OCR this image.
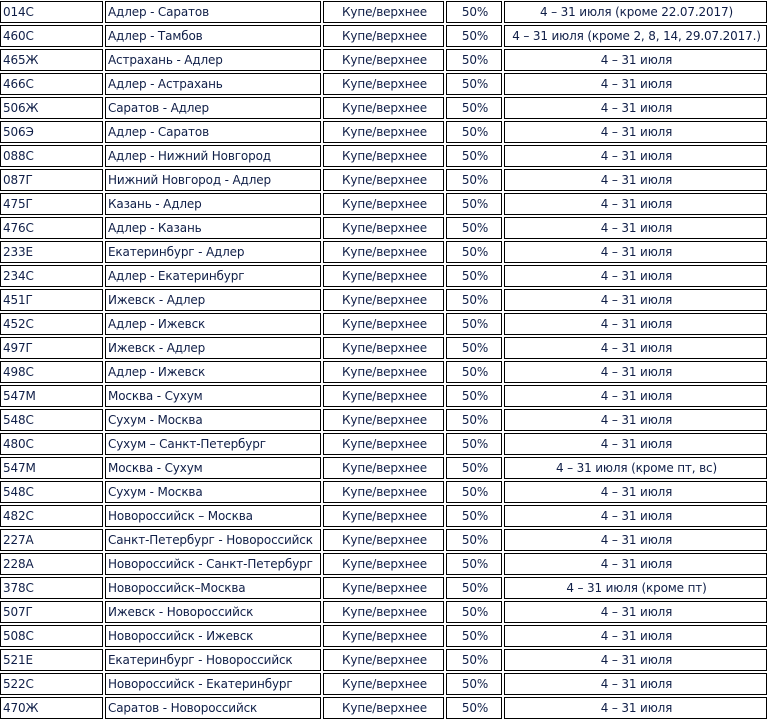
014С	Адлер - Саратов	Купе/верхнее	50%	4 – 31 июля (кроме 22.07.2017)
460С	Адлер - Тамбов	Купе/верхнее	50%	4 – 31 июля (кроме 2, 8, 14, 29.07.2017.)
465Ж	Астрахань - Адлер	Купе/верхнее	50%	4 – 31 июля
466С	Адлер - Астрахань	Купе/верхнее	50%	4 – 31 июля
506Ж	Саратов - Адлер	Купе/верхнее	50%	4 – 31 июля
506Э	Адлер - Саратов	Купе/верхнее	50%	4 – 31 июля
088С	Адлер - Нижний Новгород	Купе/верхнее	50%	4 – 31 июля
087Г	Нижний Новгород - Адлер	Купе/верхнее	50%	4 – 31 июля
475Г	Казань - Адлер	Купе/верхнее	50%	4 – 31 июля
476С	Адлер - Казань	Купе/верхнее	50%	4 – 31 июля
233Е	Екатеринбург - Адлер	Купе/верхнее	50%	4 – 31 июля
234С	Адлер - Екатеринбург	Купе/верхнее	50%	4 – 31 июля
451Г	Ижевск - Адлер	Купе/верхнее	50%	4 – 31 июля
452С	Адлер - Ижевск	Купе/верхнее	50%	4 – 31 июля
497Г	Ижевск - Адлер	Купе/верхнее	50%	4 – 31 июля
498С	Адлер - Ижевск	Купе/верхнее	50%	4 – 31 июля
547М	Москва - Сухум	Купе/верхнее	50%	4 – 31 июля
548С	Сухум - Москва	Купе/верхнее	50%	4 – 31 июля
480С	Сухум – Санкт-Петербург	Купе/верхнее	50%	4 – 31 июля
547М	Москва - Сухум	Купе/верхнее	50%	4 – 31 июля (кроме пт, вс)
548С	Сухум - Москва	Купе/верхнее	50%	4 – 31 июля
482С	Новороссийск – Москва	Купе/верхнее	50%	4 – 31 июля
227А	Санкт-Петербург - Новороссийск	Купе/верхнее	50%	4 – 31 июля
228А	Новороссийск - Санкт-Петербург	Купе/верхнее	50%	4 – 31 июля
378С	Новороссийск–Москва	Купе/верхнее	50%	4 – 31 июля (кроме пт)
507Г	Ижевск - Новороссийск	Купе/верхнее	50%	4 – 31 июля
508С	Новороссийск - Ижевск	Купе/верхнее	50%	4 – 31 июля
521Е	Екатеринбург - Новороссийск	Купе/верхнее	50%	4 – 31 июля
522С	Новороссийск - Екатеринбург	Купе/верхнее	50%	4 – 31 июля
470Ж	Саратов - Новороссийск	Купе/верхнее	50%	4 – 31 июля
